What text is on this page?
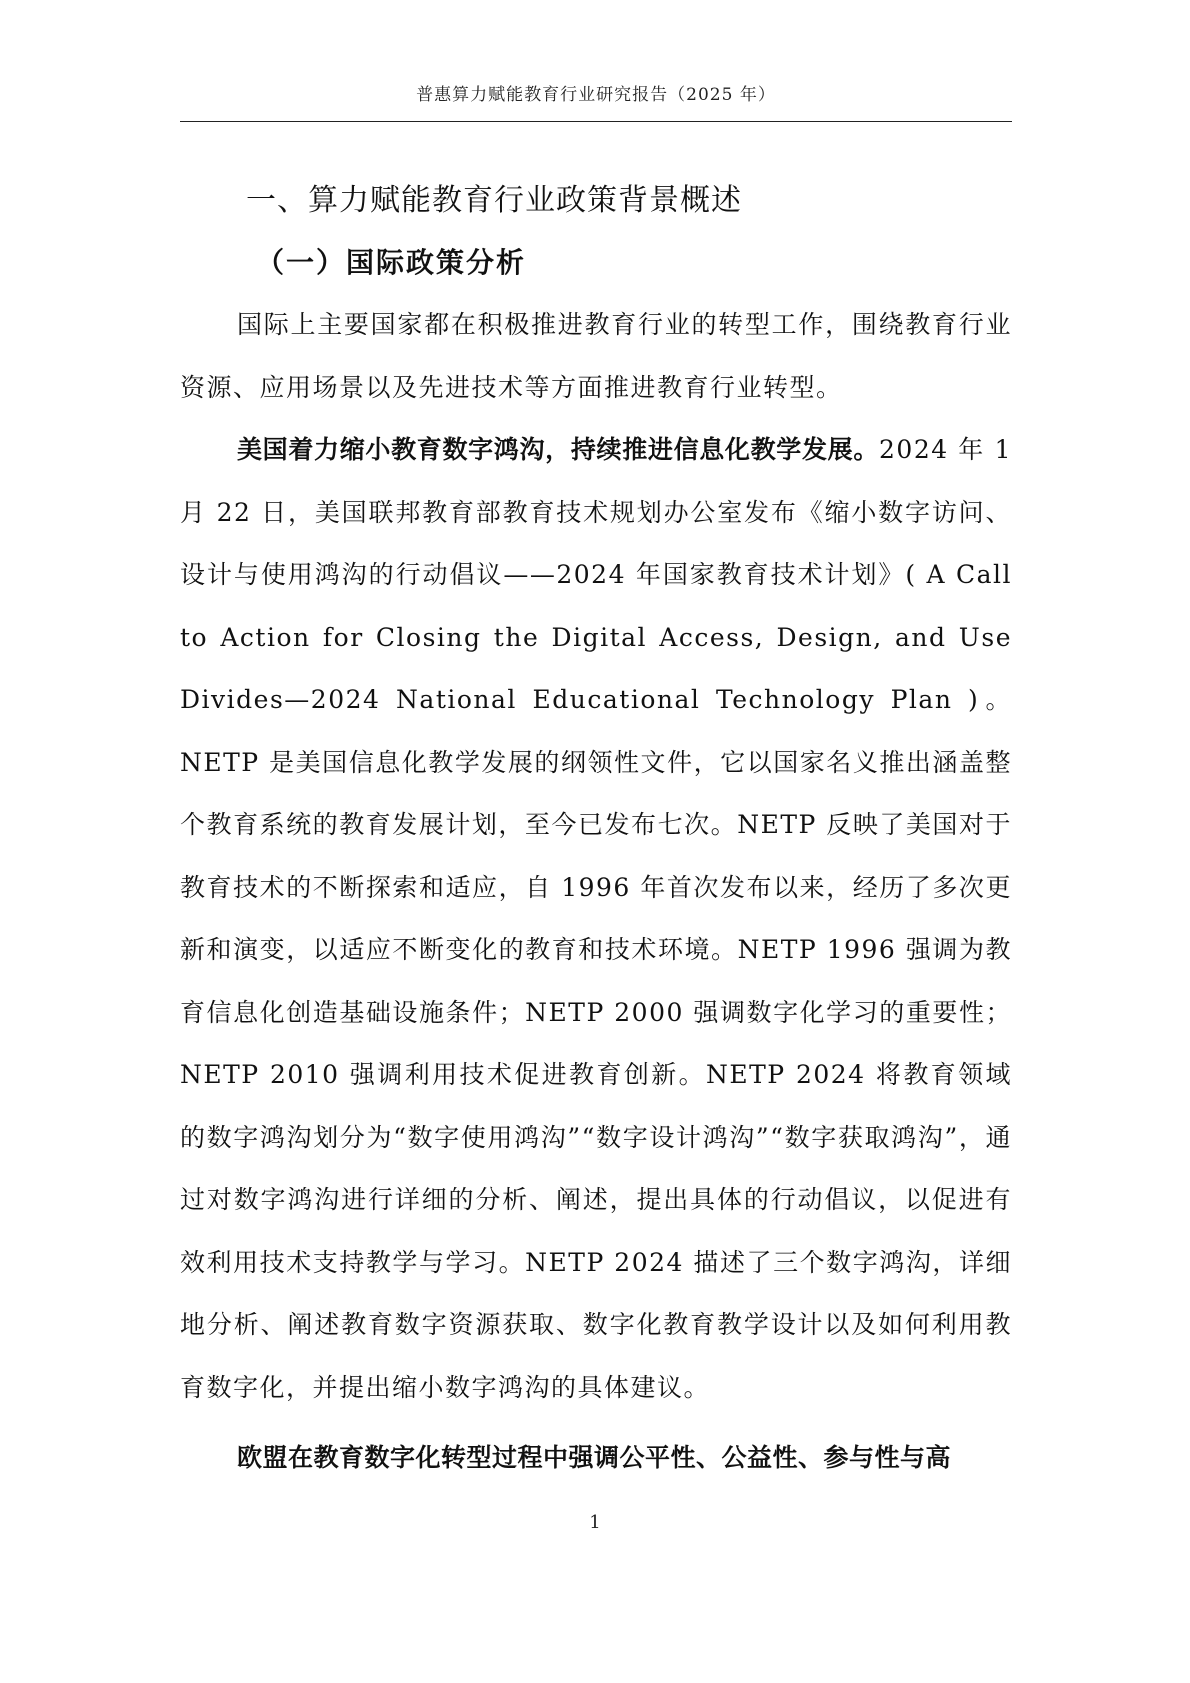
普惠算力赋能教育行业研究报告（2025 年）
一、算力赋能教育行业政策背景概述
（一）国际政策分析

国际上主要国家都在积极推进教育行业的转型工作，围绕教育行业资源、应用场景以及先进技术等方面推进教育行业转型。

美国着力缩小教育数字鸿沟，持续推进信息化教学发展。2024 年 1 月 22 日，美国联邦教育部教育技术规划办公室发布《缩小数字访问、设计与使用鸿沟的行动倡议——2024 年国家教育技术计划》( A Call to Action for Closing the Digital Access, Design, and Use Divides—2024 National Educational Technology Plan )。NETP 是美国信息化教学发展的纲领性文件，它以国家名义推出涵盖整个教育系统的教育发展计划，至今已发布七次。NETP 反映了美国对于教育技术的不断探索和适应，自 1996 年首次发布以来，经历了多次更新和演变，以适应不断变化的教育和技术环境。NETP 1996 强调为教育信息化创造基础设施条件；NETP 2000 强调数字化学习的重要性；NETP 2010 强调利用技术促进教育创新。NETP 2024 将教育领域的数字鸿沟划分为“数字使用鸿沟”“数字设计鸿沟”“数字获取鸿沟”，通过对数字鸿沟进行详细的分析、阐述，提出具体的行动倡议，以促进有效利用技术支持教学与学习。NETP 2024 描述了三个数字鸿沟，详细地分析、阐述教育数字资源获取、数字化教育教学设计以及如何利用教育数字化，并提出缩小数字鸿沟的具体建议。

欧盟在教育数字化转型过程中强调公平性、公益性、参与性与高

1
